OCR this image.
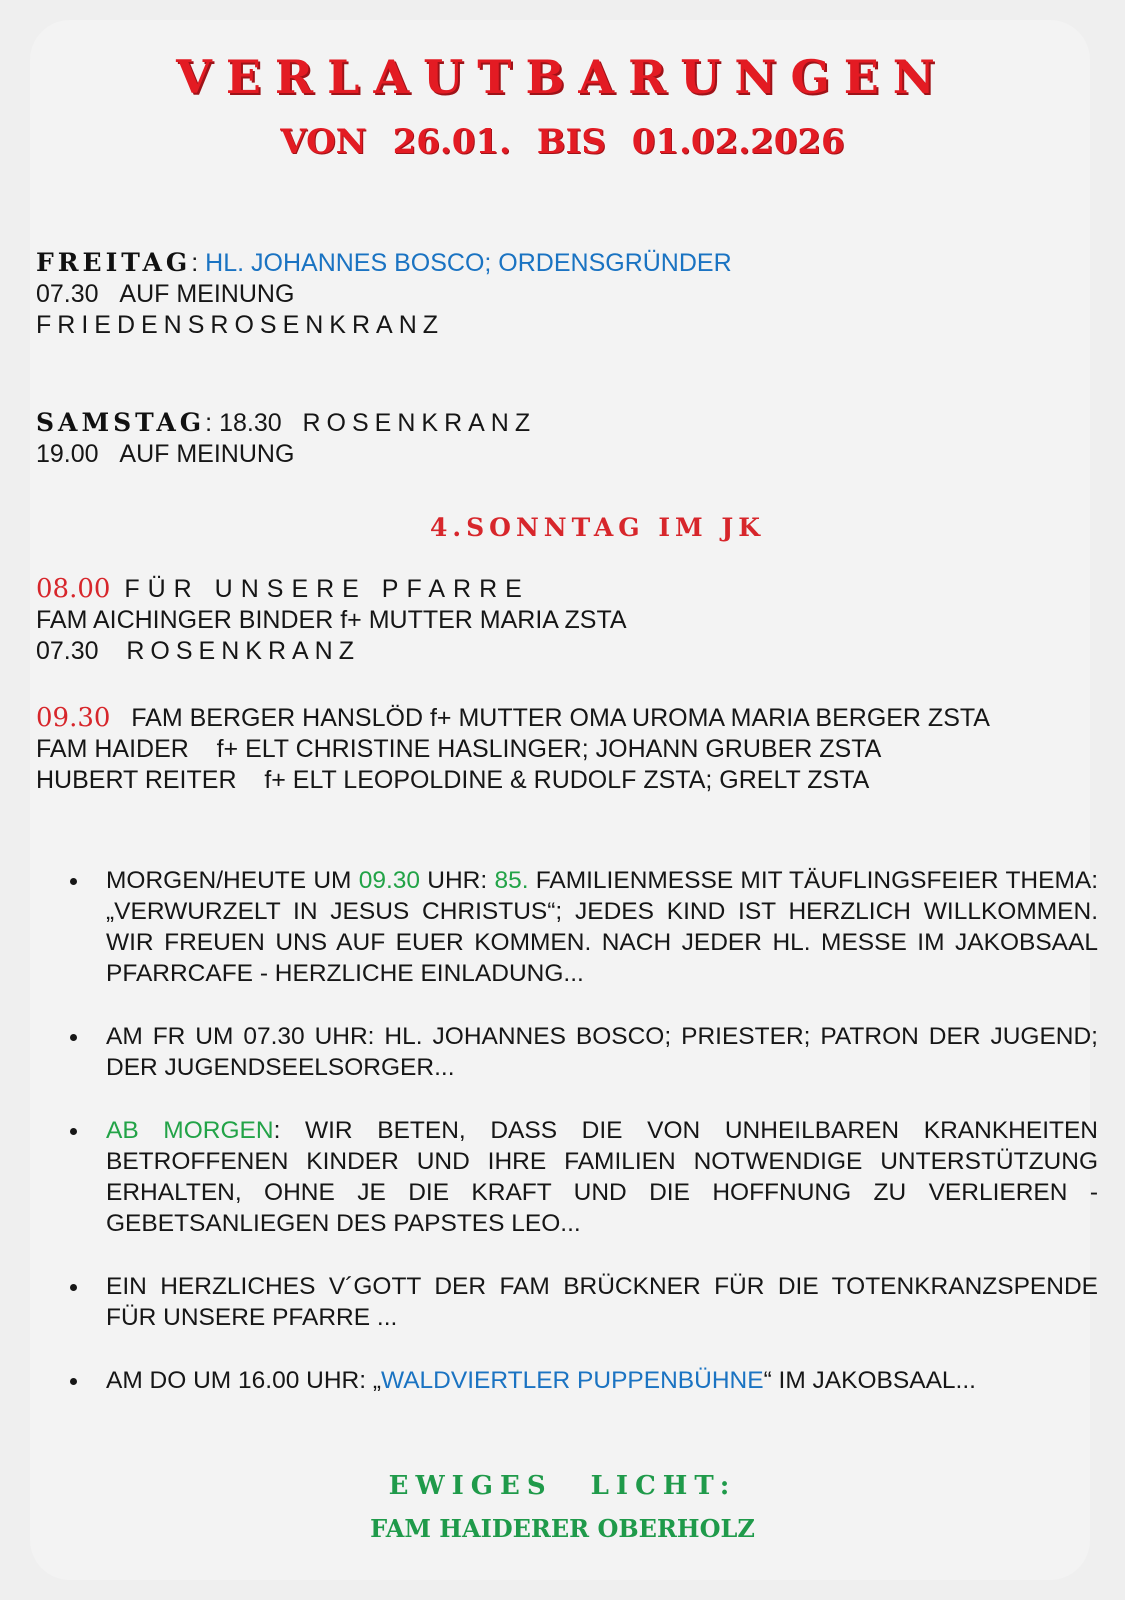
VERLAUTBARUNGEN
VON 26.01. BIS 01.02.2026
FREITAG: HL. JOHANNES BOSCO; ORDENSGRÜNDER
07.30 AUF MEINUNG
FRIEDENSROSENKRANZ
SAMSTAG: 18.30 ROSENKRANZ
19.00 AUF MEINUNG
4.SONNTAG IM JK
08.00 FÜR UNSERE PFARRE
FAM AICHINGER BINDER f+ MUTTER MARIA ZSTA
07.30 ROSENKRANZ
09.30 FAM BERGER HANSLÖD f+ MUTTER OMA UROMA MARIA BERGER ZSTA
FAM HAIDER f+ ELT CHRISTINE HASLINGER; JOHANN GRUBER ZSTA
HUBERT REITER f+ ELT LEOPOLDINE & RUDOLF ZSTA; GRELT ZSTA
MORGEN/HEUTE UM 09.30 UHR: 85. FAMILIENMESSE MIT TÄUFLINGSFEIER THEMA: „VERWURZELT IN JESUS CHRISTUS“; JEDES KIND IST HERZLICH WILLKOMMEN. WIR FREUEN UNS AUF EUER KOMMEN. NACH JEDER HL. MESSE IM JAKOBSAAL PFARRCAFE - HERZLICHE EINLADUNG...
AM FR UM 07.30 UHR: HL. JOHANNES BOSCO; PRIESTER; PATRON DER JUGEND; DER JUGENDSEELSORGER...
AB MORGEN: WIR BETEN, DASS DIE VON UNHEILBAREN KRANKHEITEN BETROFFENEN KINDER UND IHRE FAMILIEN NOTWENDIGE UNTERSTÜTZUNG ERHALTEN, OHNE JE DIE KRAFT UND DIE HOFFNUNG ZU VERLIEREN - GEBETSANLIEGEN DES PAPSTES LEO...
EIN HERZLICHES V´GOTT DER FAM BRÜCKNER FÜR DIE TOTENKRANZSPENDE FÜR UNSERE PFARRE ...
AM DO UM 16.00 UHR: „WALDVIERTLER PUPPENBÜHNE“ IM JAKOBSAAL...
EWIGES LICHT:
FAM HAIDERER OBERHOLZ
